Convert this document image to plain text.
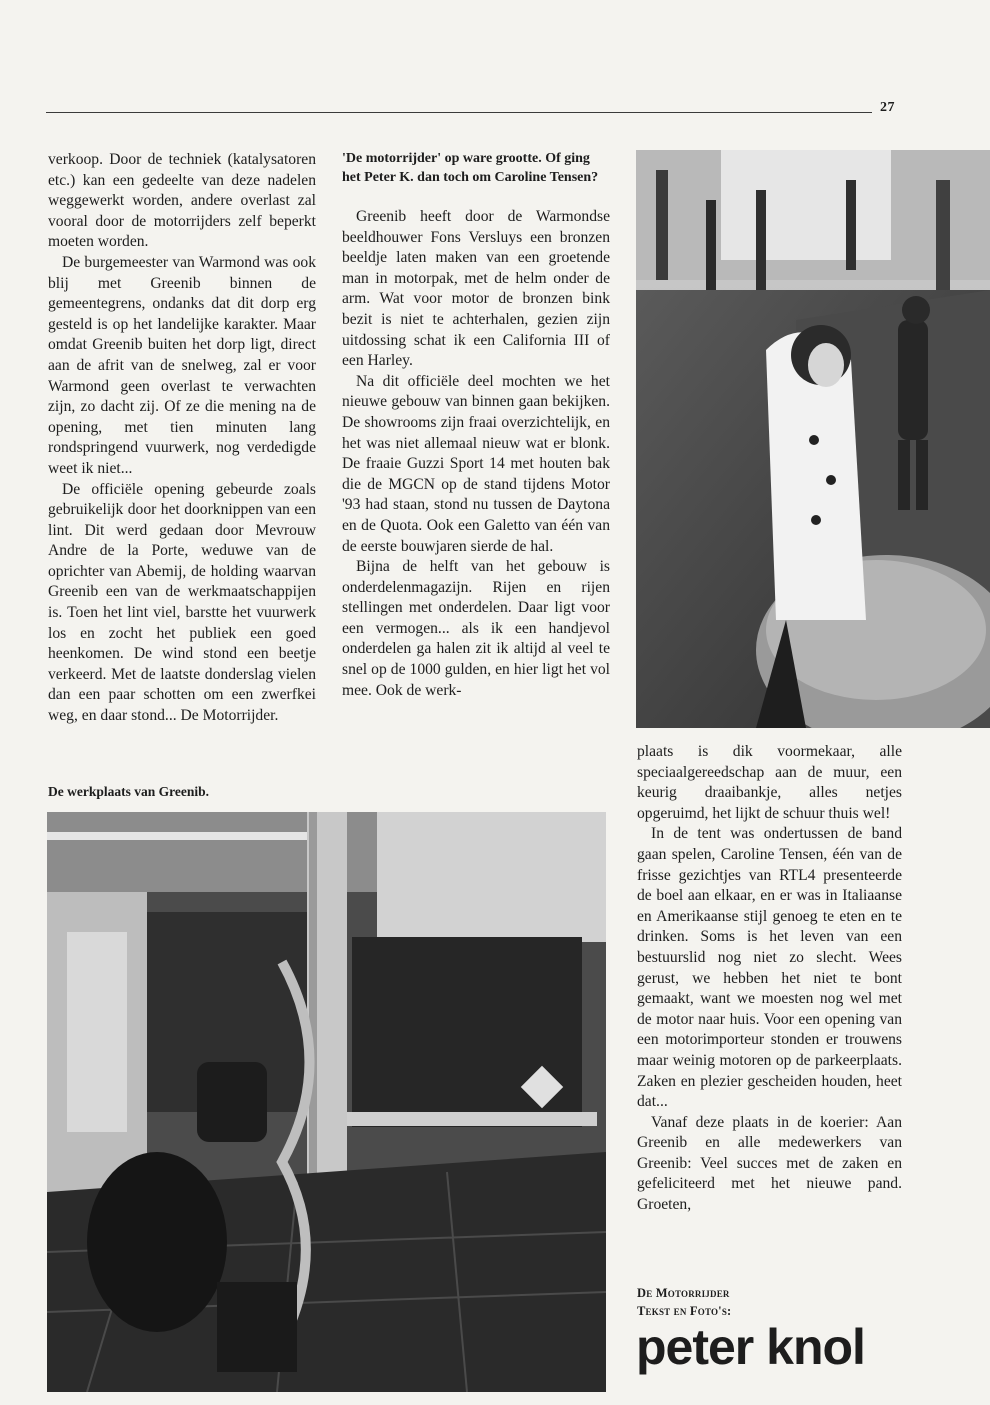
27

verkoop. Door de techniek (katalysatoren etc.) kan een gedeelte van deze nadelen weggewerkt worden, andere overlast zal vooral door de motorrijders zelf beperkt moeten worden.

De burgemeester van Warmond was ook blij met Greenib binnen de gemeentegrens, ondanks dat dit dorp erg gesteld is op het landelijke karakter. Maar omdat Greenib buiten het dorp ligt, direct aan de afrit van de snelweg, zal er voor Warmond geen overlast te verwachten zijn, zo dacht zij. Of ze die mening na de opening, met tien minuten lang rondspringend vuurwerk, nog verdedigde weet ik niet...

De officiële opening gebeurde zoals gebruikelijk door het doorknippen van een lint. Dit werd gedaan door Mevrouw Andre de la Porte, weduwe van de oprichter van Abemij, de holding waarvan Greenib een van de werkmaatschappijen is. Toen het lint viel, barstte het vuurwerk los en zocht het publiek een goed heenkomen. De wind stond een beetje verkeerd. Met de laatste donderslag vielen dan een paar schotten om een zwerfkei weg, en daar stond... De Motorrijder.

De werkplaats van Greenib.

'De motorrijder' op ware grootte. Of ging het Peter K. dan toch om Caroline Tensen?

Greenib heeft door de Warmondse beeldhouwer Fons Versluys een bronzen beeldje laten maken van een groetende man in motorpak, met de helm onder de arm. Wat voor motor de bronzen bink bezit is niet te achterhalen, gezien zijn uitdossing schat ik een California III of een Harley.

Na dit officiële deel mochten we het nieuwe gebouw van binnen gaan bekijken. De showrooms zijn fraai overzichtelijk, en het was niet allemaal nieuw wat er blonk. De fraaie Guzzi Sport 14 met houten bak die de MGCN op de stand tijdens Motor '93 had staan, stond nu tussen de Daytona en de Quota. Ook een Galetto van één van de eerste bouwjaren sierde de hal.

Bijna de helft van het gebouw is onderdelenmagazijn. Rijen en rijen stellingen met onderdelen. Daar ligt voor een vermogen... als ik een handjevol onderdelen ga halen zit ik altijd al veel te snel op de 1000 gulden, en hier ligt het vol mee. Ook de werk-

plaats is dik voormekaar, alle speciaalgereedschap aan de muur, een keurig draaibankje, alles netjes opgeruimd, het lijkt de schuur thuis wel!

In de tent was ondertussen de band gaan spelen, Caroline Tensen, één van de frisse gezichtjes van RTL4 presenteerde de boel aan elkaar, en er was in Italiaanse en Amerikaanse stijl genoeg te eten en te drinken. Soms is het leven van een bestuurslid nog niet zo slecht. Wees gerust, we hebben het niet te bont gemaakt, want we moesten nog wel met de motor naar huis. Voor een opening van een motorimporteur stonden er trouwens maar weinig motoren op de parkeerplaats. Zaken en plezier gescheiden houden, heet dat...

Vanaf deze plaats in de koerier: Aan Greenib en alle medewerkers van Greenib: Veel succes met de zaken en gefeliciteerd met het nieuwe pand. Groeten,

De Motorrijder
Tekst en Foto's:
peter knol
